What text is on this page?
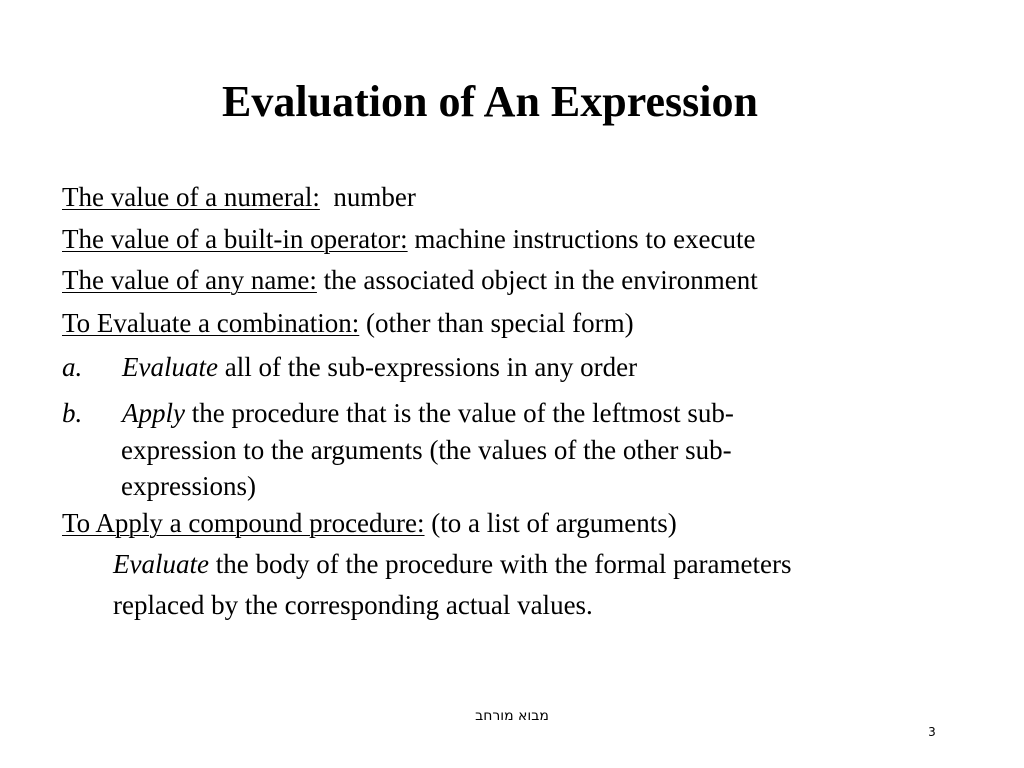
Evaluation of An Expression
The value of a numeral:  number
The value of a built-in operator: machine instructions to execute
The value of any name: the associated object in the environment
To Evaluate a combination: (other than special form)
a. Evaluate all of the sub-expressions in any order
b. Apply the procedure that is the value of the leftmost sub-
expression to the arguments (the values of the other sub-
expressions)
To Apply a compound procedure: (to a list of arguments)
Evaluate the body of the procedure with the formal parameters
replaced by the corresponding actual values.
מבוא מורחב
3
